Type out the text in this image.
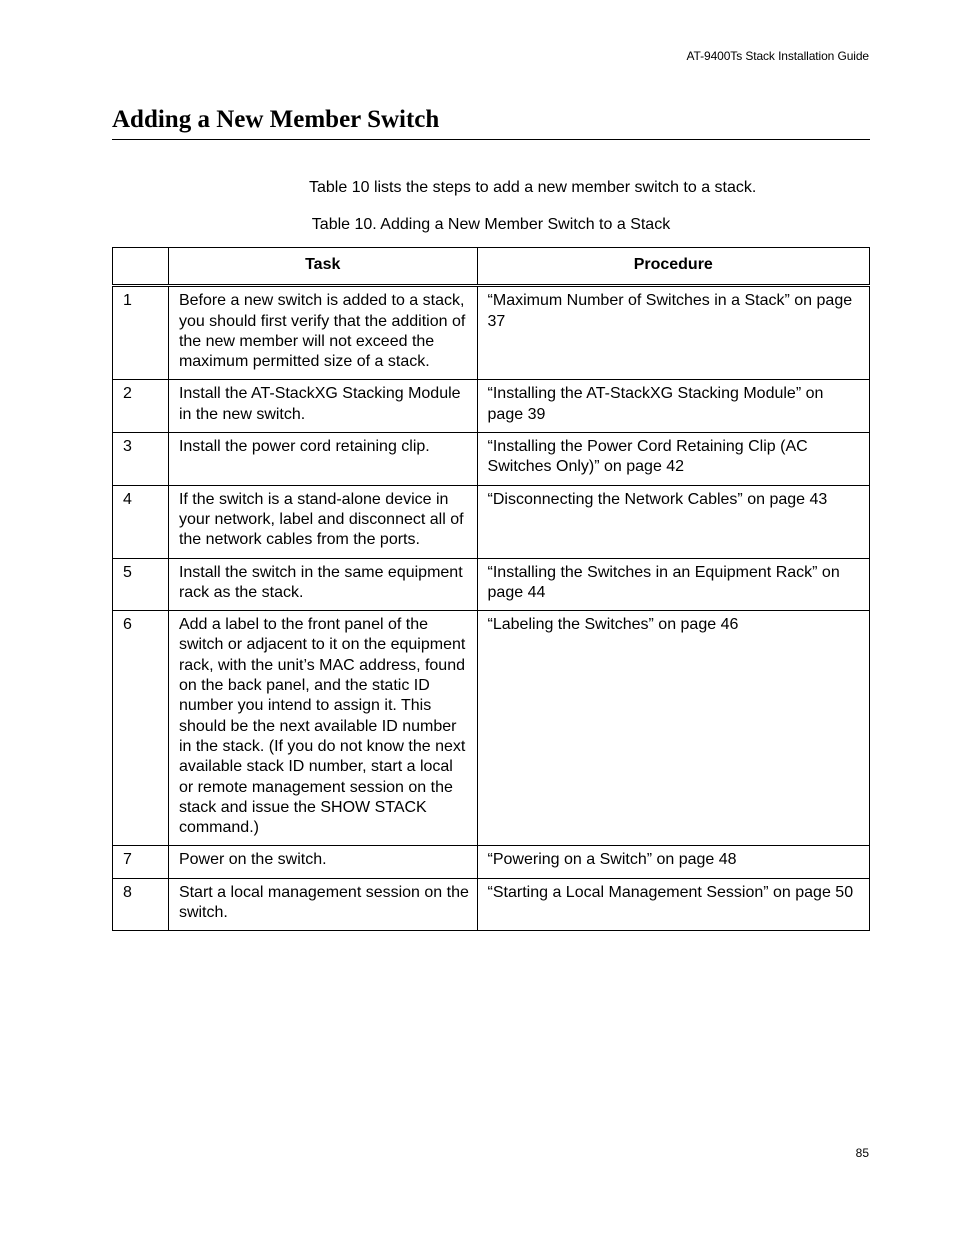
AT-9400Ts Stack Installation Guide
Adding a New Member Switch

Table 10 lists the steps to add a new member switch to a stack.

Table 10. Adding a New Member Switch to a Stack

	Task	Procedure
1	Before a new switch is added to a stack, you should first verify that the addition of the new member will not exceed the maximum permitted size of a stack.	“Maximum Number of Switches in a Stack” on page 37
2	Install the AT-StackXG Stacking Module in the new switch.	“Installing the AT-StackXG Stacking Module” on page 39
3	Install the power cord retaining clip.	“Installing the Power Cord Retaining Clip (AC Switches Only)” on page 42
4	If the switch is a stand-alone device in your network, label and disconnect all of the network cables from the ports.	“Disconnecting the Network Cables” on page 43
5	Install the switch in the same equipment rack as the stack.	“Installing the Switches in an Equipment Rack” on page 44
6	Add a label to the front panel of the switch or adjacent to it on the equipment rack, with the unit’s MAC address, found on the back panel, and the static ID number you intend to assign it. This should be the next available ID number in the stack. (If you do not know the next available stack ID number, start a local or remote management session on the stack and issue the SHOW STACK command.)	“Labeling the Switches” on page 46
7	Power on the switch.	“Powering on a Switch” on page 48
8	Start a local management session on the switch.	“Starting a Local Management Session” on page 50
85
